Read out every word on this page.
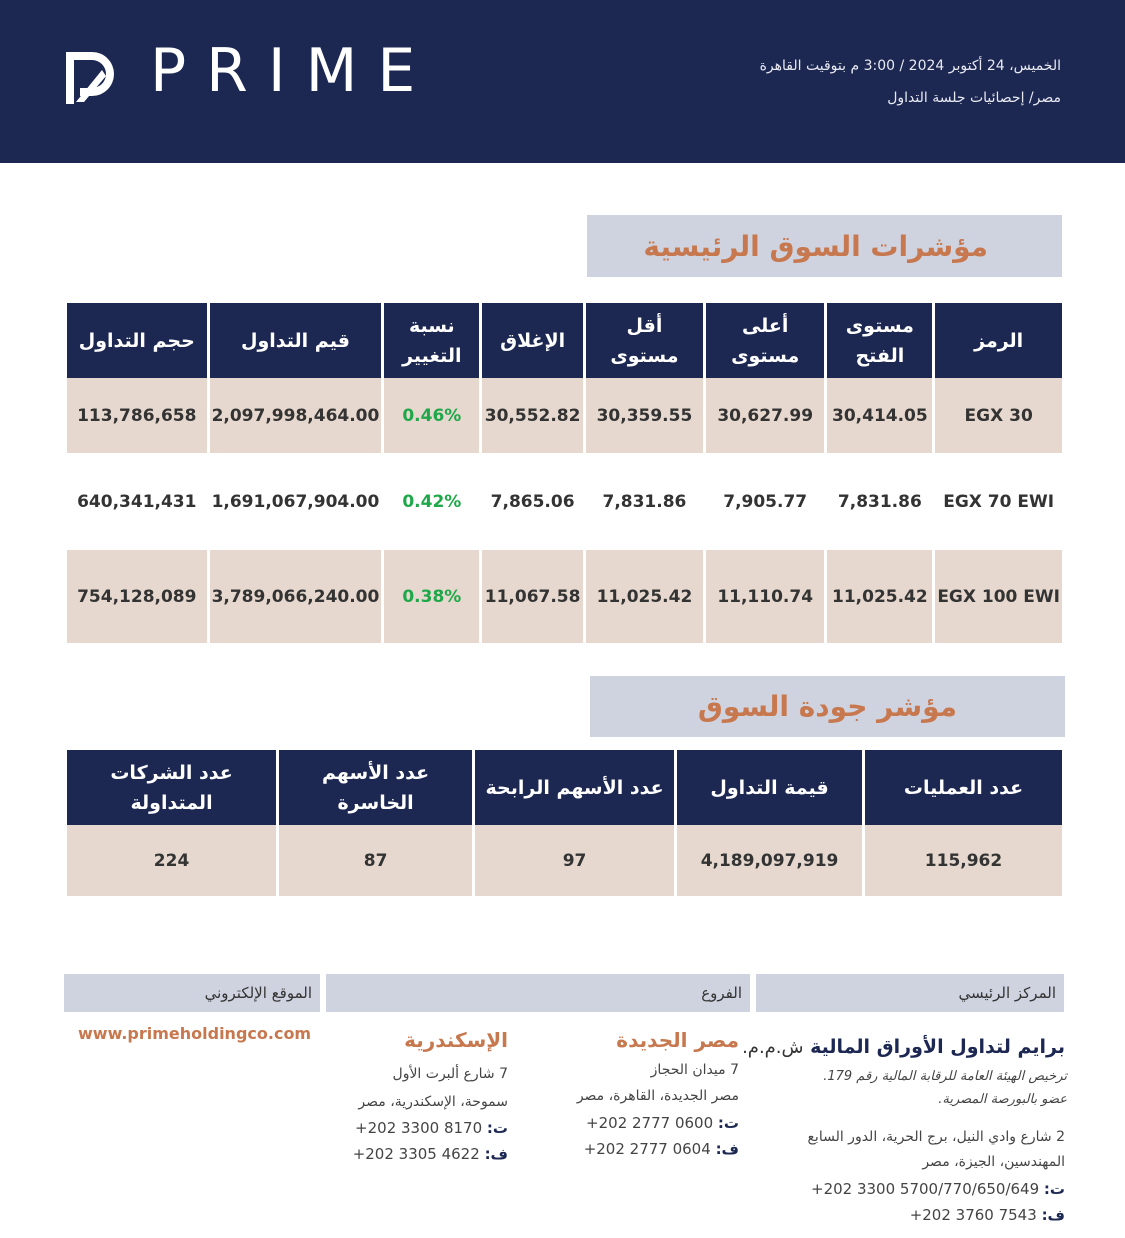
PRIME	الخميس، 24 أكتوبر 2024 / 3:00 م بتوقيت القاهرة
مصر/ إحصائيات جلسة التداول
مؤشرات السوق الرئيسية
الرمز	مستوى الفتح	أعلى مستوى	أقل مستوى	الإغلاق	نسبة التغيير	قيم التداول	حجم التداول
EGX 30	30,414.05	30,627.99	30,359.55	30,552.82	0.46%	2,097,998,464.00	113,786,658
EGX 70 EWI	7,831.86	7,905.77	7,831.86	7,865.06	0.42%	1,691,067,904.00	640,341,431
EGX 100 EWI	11,025.42	11,110.74	11,025.42	11,067.58	0.38%	3,789,066,240.00	754,128,089
مؤشر جودة السوق
عدد العمليات	قيمة التداول	عدد الأسهم الرابحة	عدد الأسهم الخاسرة	عدد الشركات المتداولة
115,962	4,189,097,919	97	87	224
المركز الرئيسي
الفروع
الموقع الإلكتروني
برايم لتداول الأوراق المالية ش.م.م.
ترخيص الهيئة العامة للرقابة المالية رقم 179.
عضو بالبورصة المصرية.
2 شارع وادي النيل، برج الحرية، الدور السابع
المهندسين، الجيزة، مصر
ت: +202 3300 5700/770/650/649
ف: +202 3760 7543
مصر الجديدة
7 ميدان الحجاز
مصر الجديدة، القاهرة، مصر
ت: +202 2777 0600
ف: +202 2777 0604
الإسكندرية
7 شارع ألبرت الأول
سموحة، الإسكندرية، مصر
ت: +202 3300 8170
ف: +202 3305 4622
www.primeholdingco.com
